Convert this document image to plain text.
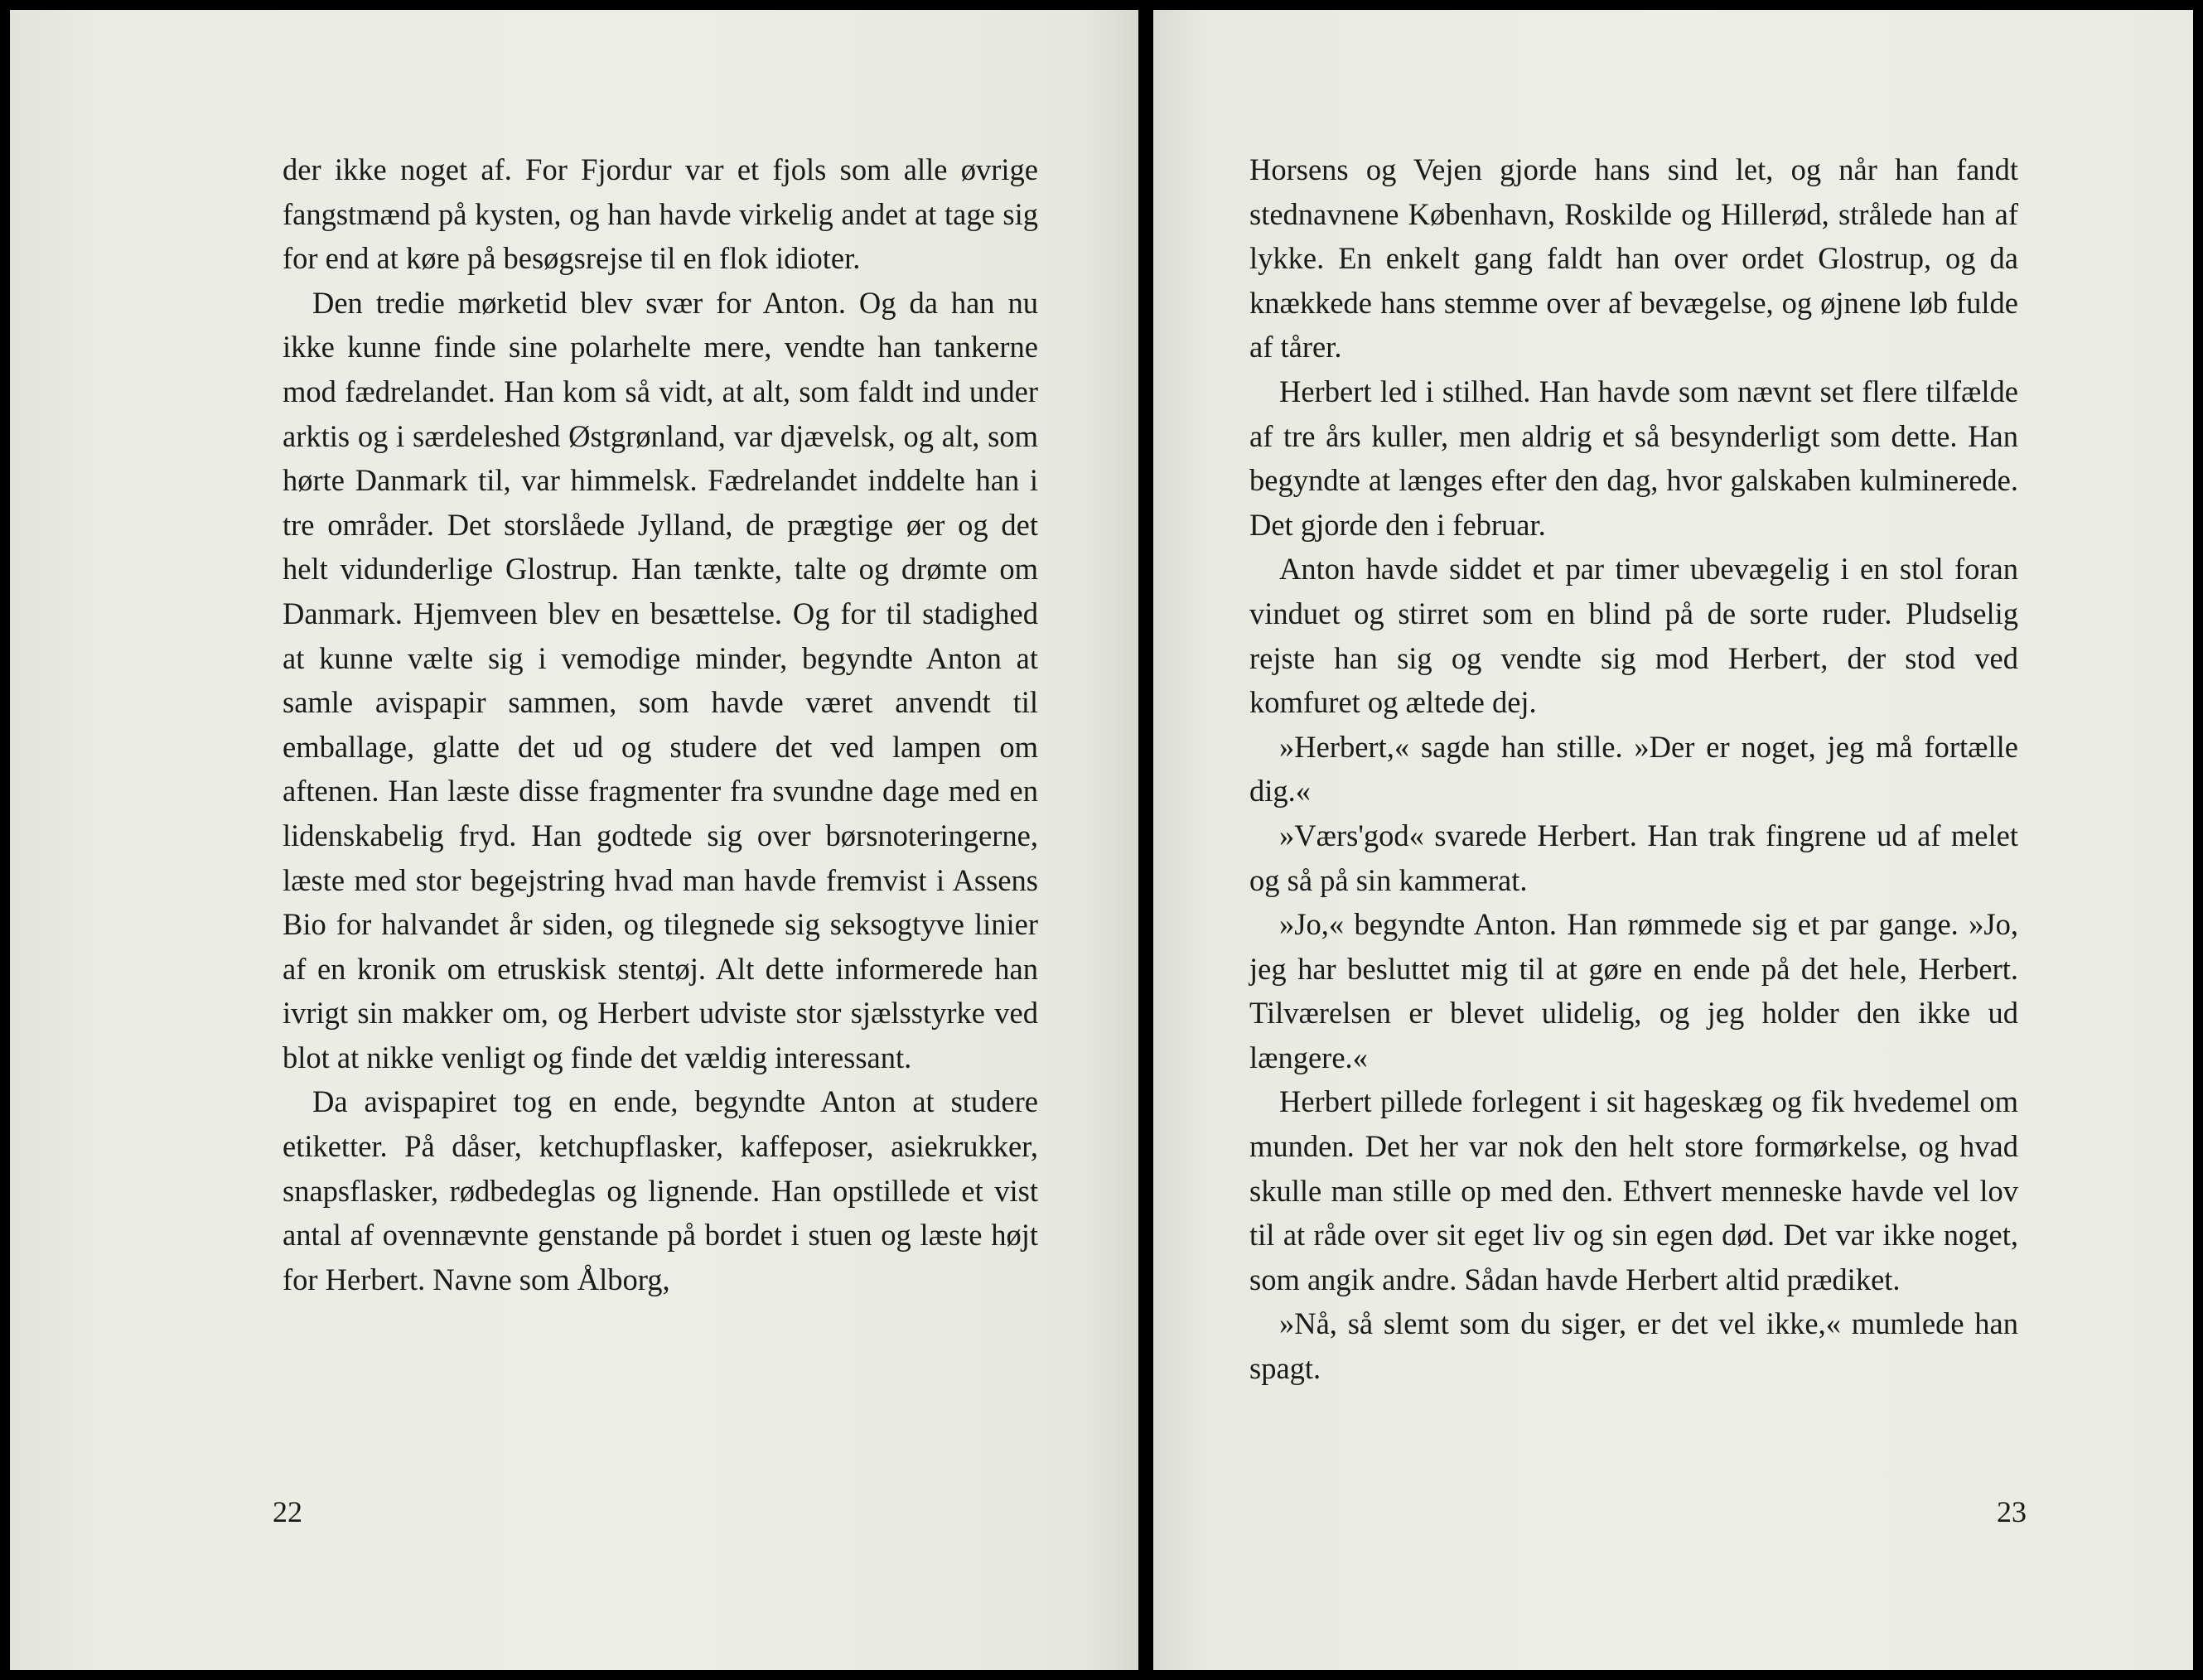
der ikke noget af. For Fjordur var et fjols som alle øvrige fangstmænd på kysten, og han havde virkelig andet at tage sig for end at køre på besøgsrejse til en flok idioter.

Den tredie mørketid blev svær for Anton. Og da han nu ikke kunne finde sine polarhelte mere, vendte han tankerne mod fædrelandet. Han kom så vidt, at alt, som faldt ind under arktis og i særdeleshed Østgrønland, var djævelsk, og alt, som hørte Danmark til, var himmelsk. Fædrelandet inddelte han i tre områder. Det storslåede Jylland, de prægtige øer og det helt vidunderlige Glostrup. Han tænkte, talte og drømte om Danmark. Hjemveen blev en besættelse. Og for til stadighed at kunne vælte sig i vemodige minder, begyndte Anton at samle avispapir sammen, som havde været anvendt til emballage, glatte det ud og studere det ved lampen om aftenen. Han læste disse fragmenter fra svundne dage med en lidenskabelig fryd. Han godtede sig over børsnoteringerne, læste med stor begejstring hvad man havde fremvist i Assens Bio for halvandet år siden, og tilegnede sig seksogtyve linier af en kronik om etruskisk stentøj. Alt dette informerede han ivrigt sin makker om, og Herbert udviste stor sjælsstyrke ved blot at nikke venligt og finde det vældig interessant.

Da avispapiret tog en ende, begyndte Anton at studere etiketter. På dåser, ketchupflasker, kaffeposer, asiekrukker, snapsflasker, rødbedeglas og lignende. Han opstillede et vist antal af ovennævnte genstande på bordet i stuen og læste højt for Herbert. Navne som Ålborg,

22

Horsens og Vejen gjorde hans sind let, og når han fandt stednavnene København, Roskilde og Hillerød, strålede han af lykke. En enkelt gang faldt han over ordet Glostrup, og da knækkede hans stemme over af bevægelse, og øjnene løb fulde af tårer.

Herbert led i stilhed. Han havde som nævnt set flere tilfælde af tre års kuller, men aldrig et så besynderligt som dette. Han begyndte at længes efter den dag, hvor galskaben kulminerede. Det gjorde den i februar.

Anton havde siddet et par timer ubevægelig i en stol foran vinduet og stirret som en blind på de sorte ruder. Pludselig rejste han sig og vendte sig mod Herbert, der stod ved komfuret og æltede dej.

»Herbert,« sagde han stille. »Der er noget, jeg må fortælle dig.«

»Værs'god« svarede Herbert. Han trak fingrene ud af melet og så på sin kammerat.

»Jo,« begyndte Anton. Han rømmede sig et par gange. »Jo, jeg har besluttet mig til at gøre en ende på det hele, Herbert. Tilværelsen er blevet ulidelig, og jeg holder den ikke ud længere.«

Herbert pillede forlegent i sit hageskæg og fik hvedemel om munden. Det her var nok den helt store formørkelse, og hvad skulle man stille op med den. Ethvert menneske havde vel lov til at råde over sit eget liv og sin egen død. Det var ikke noget, som angik andre. Sådan havde Herbert altid prædiket.

»Nå, så slemt som du siger, er det vel ikke,« mumlede han spagt.

23
